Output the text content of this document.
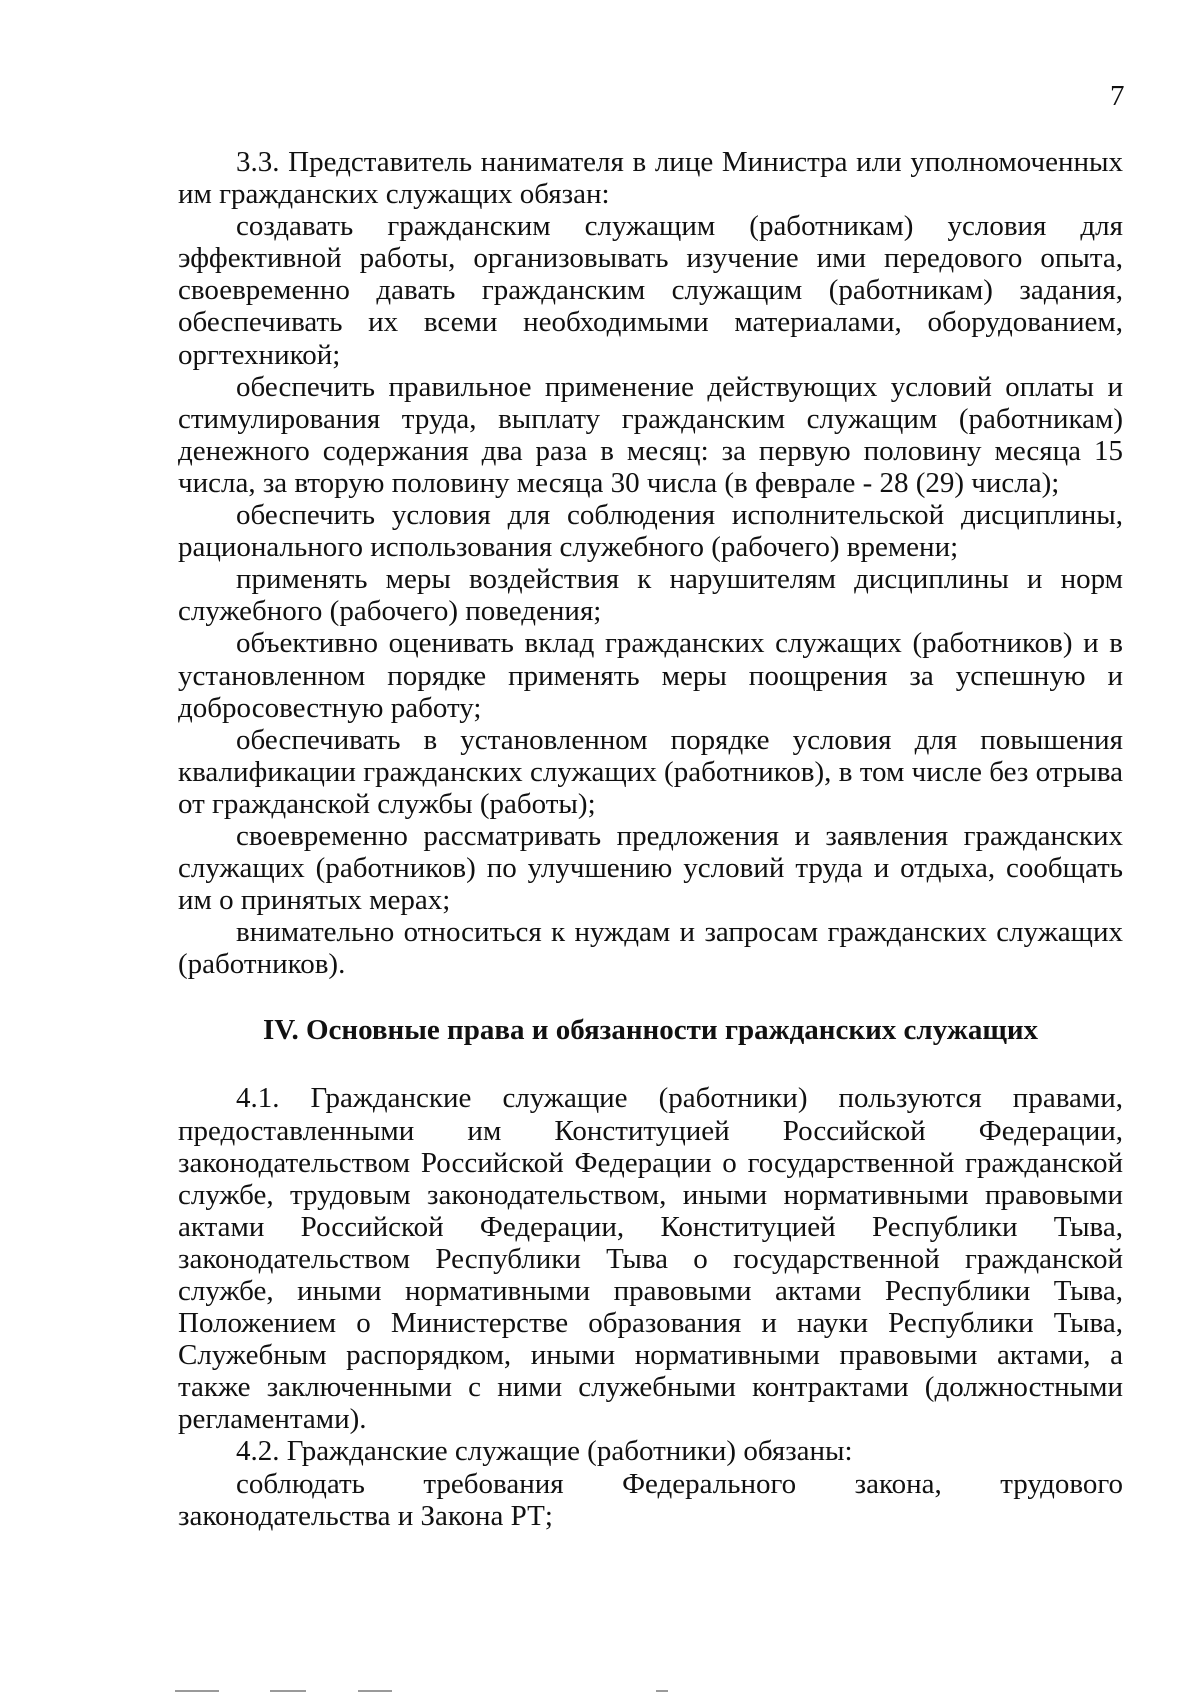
7

3.3. Представитель нанимателя в лице Министра или уполномоченных им гражданских служащих обязан:

создавать гражданским служащим (работникам) условия для эффективной работы, организовывать изучение ими передового опыта, своевременно давать гражданским служащим (работникам) задания, обеспечивать их всеми необходимыми материалами, оборудованием, оргтехникой;

обеспечить правильное применение действующих условий оплаты и стимулирования труда, выплату гражданским служащим (работникам) денежного содержания два раза в месяц: за первую половину месяца 15 числа, за вторую половину месяца 30 числа (в феврале - 28 (29) числа);

обеспечить условия для соблюдения исполнительской дисциплины, рационального использования служебного (рабочего) времени;

применять меры воздействия к нарушителям дисциплины и норм служебного (рабочего) поведения;

объективно оценивать вклад гражданских служащих (работников) и в установленном порядке применять меры поощрения за успешную и добросовестную работу;

обеспечивать в установленном порядке условия для повышения квалификации гражданских служащих (работников), в том числе без отрыва от гражданской службы (работы);

своевременно рассматривать предложения и заявления гражданских служащих (работников) по улучшению условий труда и отдыха, сообщать им о принятых мерах;

внимательно относиться к нуждам и запросам гражданских служащих (работников).

IV. Основные права и обязанности гражданских служащих

4.1. Гражданские служащие (работники) пользуются правами, предоставленными им Конституцией Российской Федерации, законодательством Российской Федерации о государственной гражданской службе, трудовым законодательством, иными нормативными правовыми актами Российской Федерации, Конституцией Республики Тыва, законодательством Республики Тыва о государственной гражданской службе, иными нормативными правовыми актами Республики Тыва, Положением о Министерстве образования и науки Республики Тыва, Служебным распорядком, иными нормативными правовыми актами, а также заключенными с ними служебными контрактами (должностными регламентами).

4.2. Гражданские служащие (работники) обязаны:

соблюдать требования Федерального закона, трудового законодательства и Закона РТ;
